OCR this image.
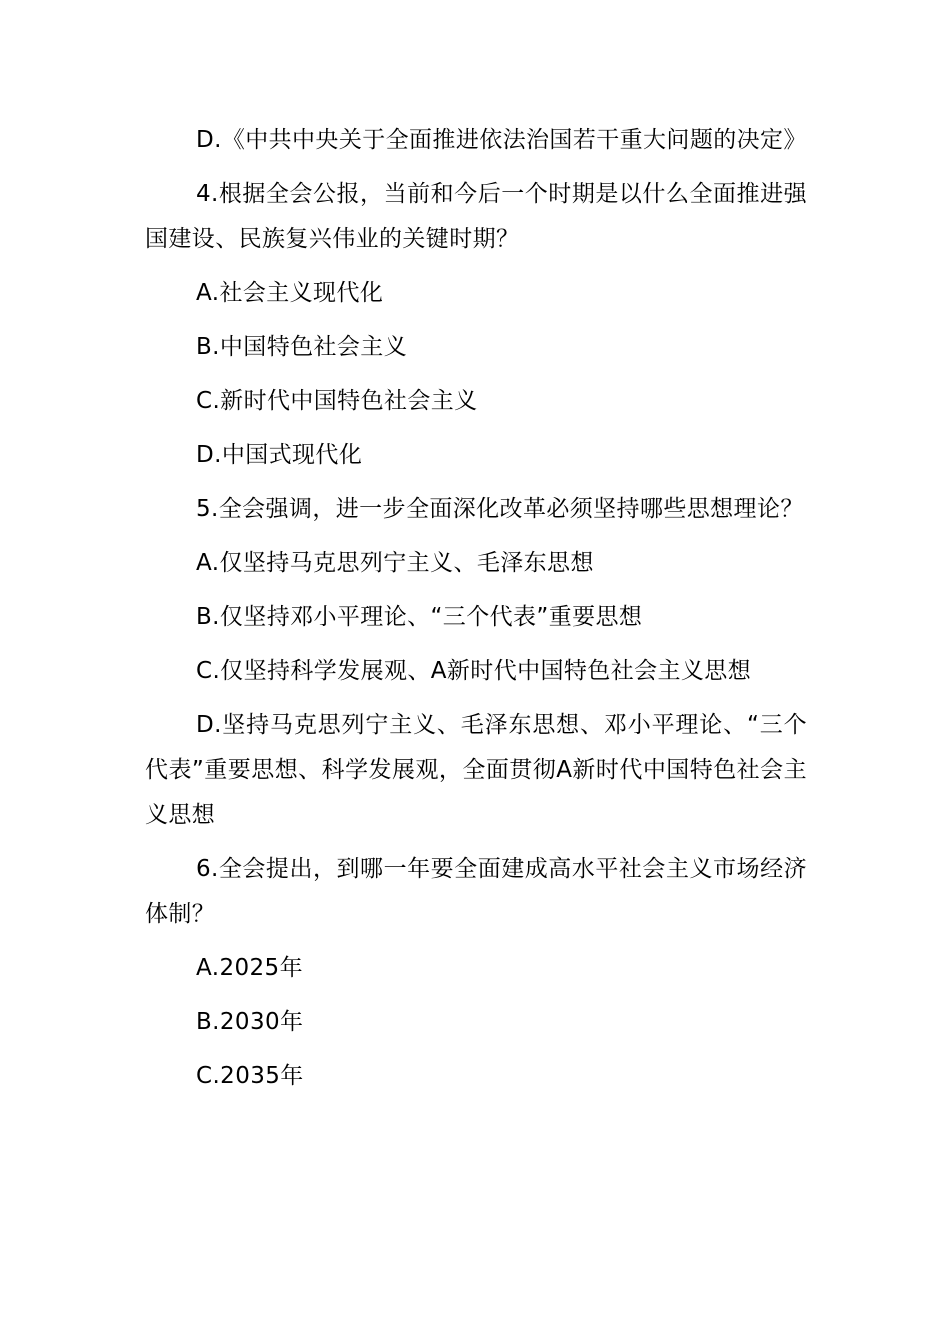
D.《中共中央关于全面推进依法治国若干重大问题的决定》

4.根据全会公报，当前和今后一个时期是以什么全面推进强国建设、民族复兴伟业的关键时期？

A.社会主义现代化

B.中国特色社会主义

C.新时代中国特色社会主义

D.中国式现代化

5.全会强调，进一步全面深化改革必须坚持哪些思想理论？

A.仅坚持马克思列宁主义、毛泽东思想

B.仅坚持邓小平理论、“三个代表”重要思想

C.仅坚持科学发展观、A新时代中国特色社会主义思想

D.坚持马克思列宁主义、毛泽东思想、邓小平理论、“三个代表”重要思想、科学发展观，全面贯彻A新时代中国特色社会主义思想

6.全会提出，到哪一年要全面建成高水平社会主义市场经济体制？

A.2025年

B.2030年

C.2035年
